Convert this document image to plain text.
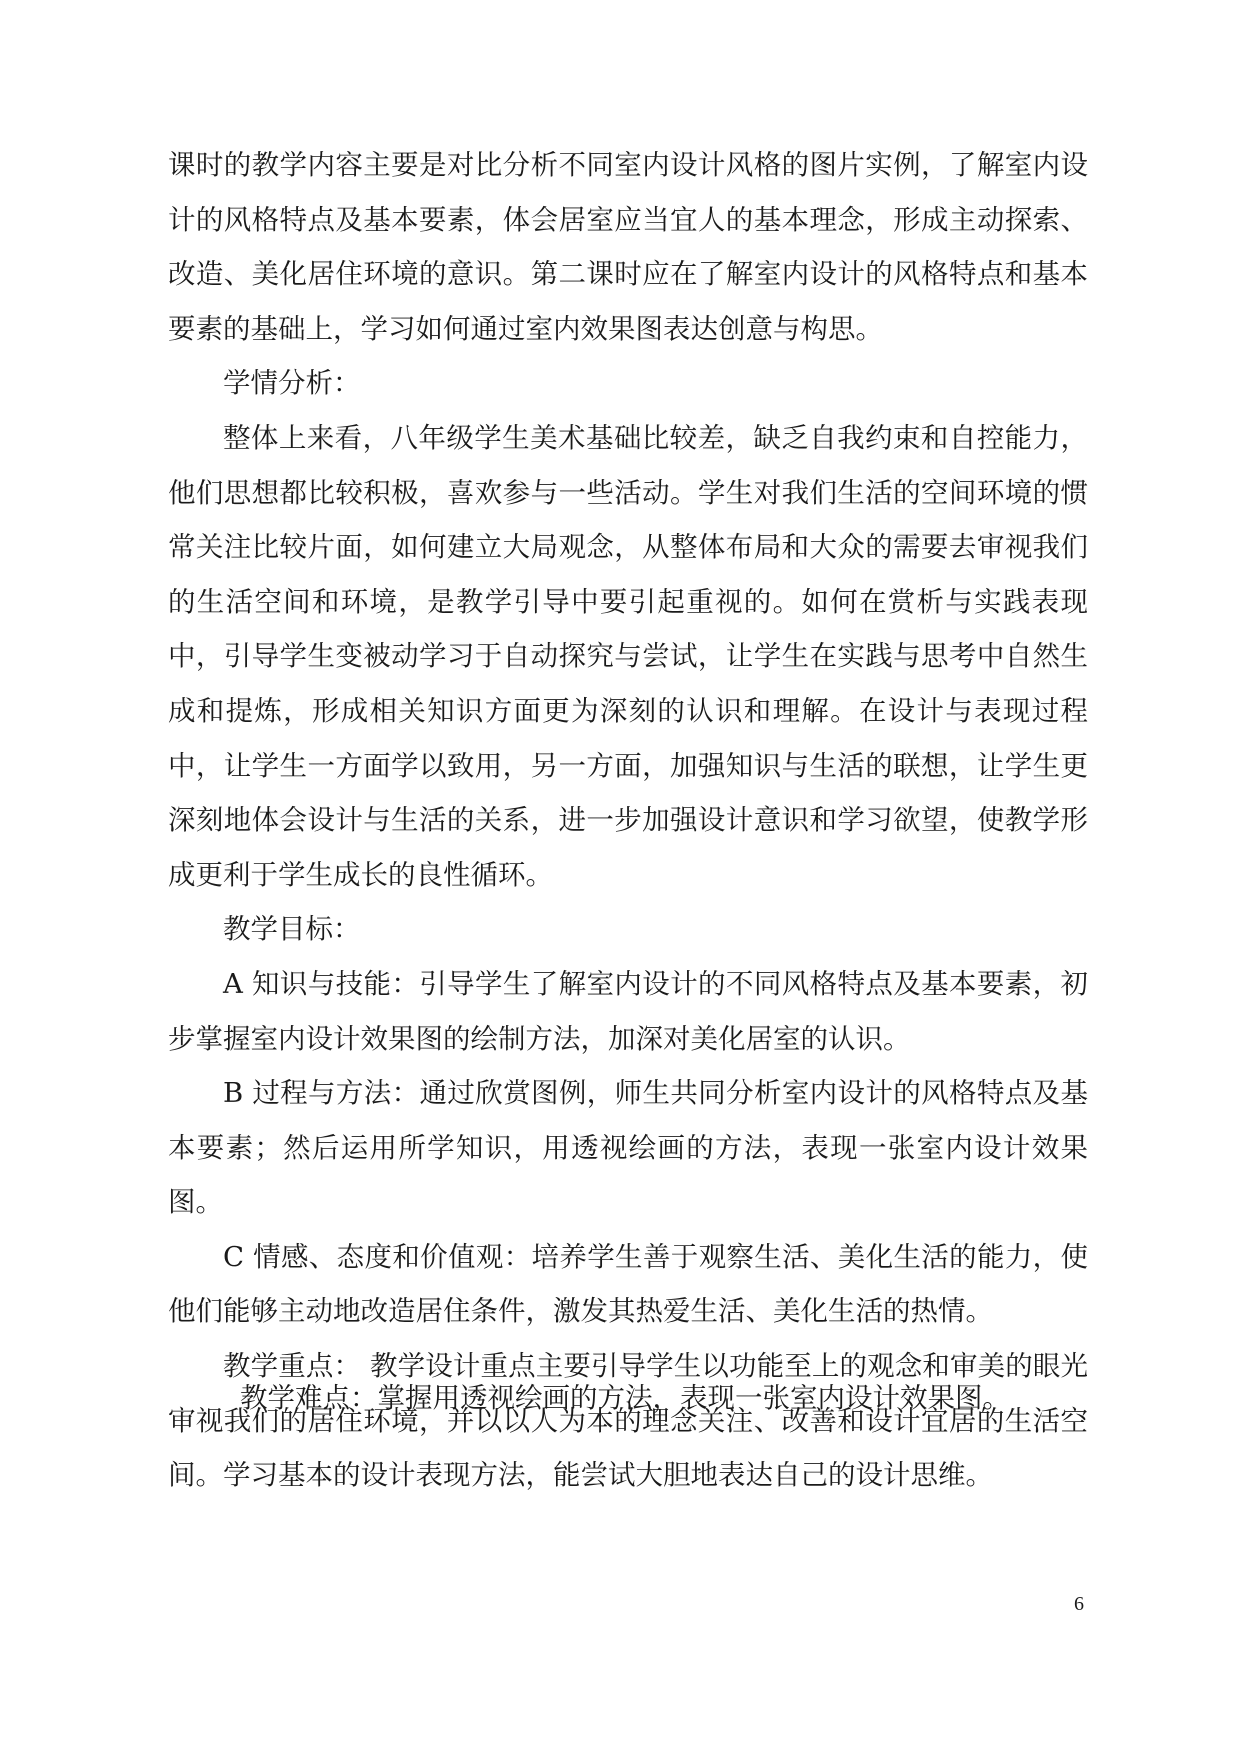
课时的教学内容主要是对比分析不同室内设计风格的图片实例，了解室内设计的风格特点及基本要素，体会居室应当宜人的基本理念，形成主动探索、改造、美化居住环境的意识。第二课时应在了解室内设计的风格特点和基本要素的基础上，学习如何通过室内效果图表达创意与构思。

学情分析：

整体上来看，八年级学生美术基础比较差，缺乏自我约束和自控能力，他们思想都比较积极，喜欢参与一些活动。学生对我们生活的空间环境的惯常关注比较片面，如何建立大局观念，从整体布局和大众的需要去审视我们的生活空间和环境，是教学引导中要引起重视的。如何在赏析与实践表现中，引导学生变被动学习于自动探究与尝试，让学生在实践与思考中自然生成和提炼，形成相关知识方面更为深刻的认识和理解。在设计与表现过程中，让学生一方面学以致用，另一方面，加强知识与生活的联想，让学生更深刻地体会设计与生活的关系，进一步加强设计意识和学习欲望，使教学形成更利于学生成长的良性循环。

教学目标：

A 知识与技能：引导学生了解室内设计的不同风格特点及基本要素，初步掌握室内设计效果图的绘制方法，加深对美化居室的认识。

B 过程与方法：通过欣赏图例，师生共同分析室内设计的风格特点及基本要素；然后运用所学知识，用透视绘画的方法，表现一张室内设计效果图。

C 情感、态度和价值观：培养学生善于观察生活、美化生活的能力，使他们能够主动地改造居住条件，激发其热爱生活、美化生活的热情。

教学重点： 教学设计重点主要引导学生以功能至上的观念和审美的眼光审视我们的居住环境，并以以人为本的理念关注、改善和设计宜居的生活空间。学习基本的设计表现方法，能尝试大胆地表达自己的设计思维。

教学难点：掌握用透视绘画的方法，表现一张室内设计效果图。

6
